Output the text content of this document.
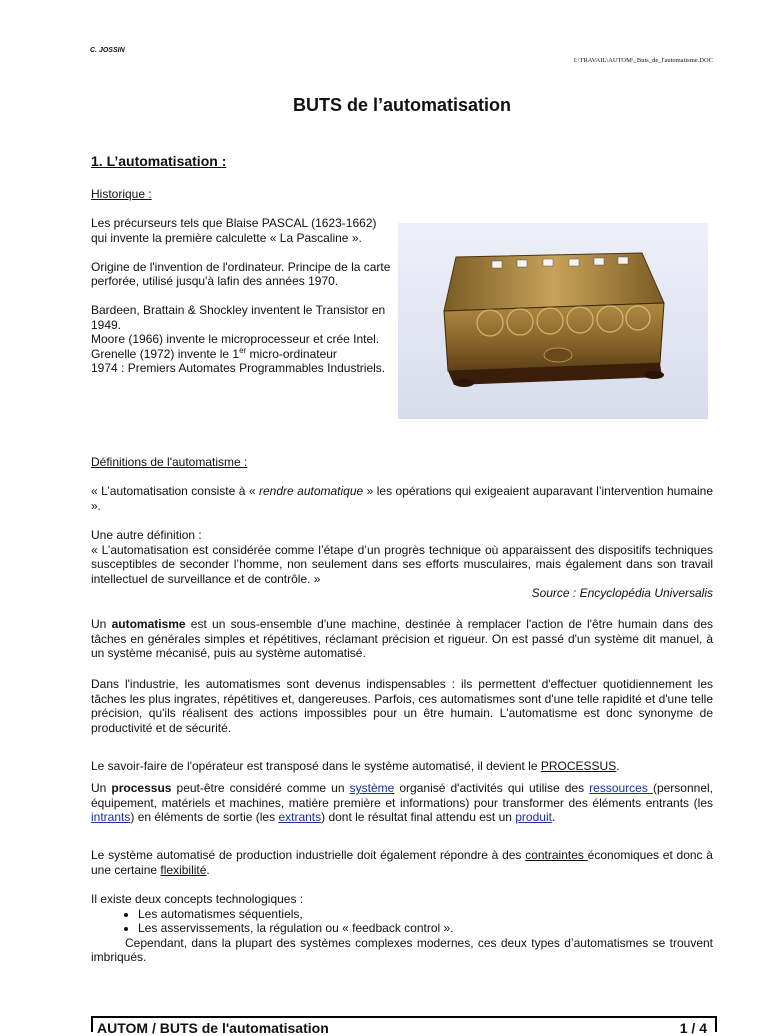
C. JOSSIN
I:\TRAVAIL\AUTOM\_Buts_de_l'automatisme.DOC
BUTS de l’automatisation
1. L’automatisation :
Historique :

Les précurseurs tels que Blaise PASCAL (1623-1662) qui invente la première calculette « La Pascaline ».

Origine de l'invention de l'ordinateur. Principe de la carte perforée, utilisé jusqu'à lafin des années 1970.

Bardeen, Brattain & Shockley inventent le Transistor en 1949.
Moore (1966) invente le microprocesseur et crée Intel.
Grenelle (1972) invente le 1er micro-ordinateur
1974 : Premiers Automates Programmables Industriels.
Définitions de l'automatisme :

« L’automatisation consiste à « rendre automatique » les opérations qui exigeaient auparavant l’intervention humaine ».

Une autre définition :

« L’automatisation est considérée comme l’étape d’un progrès technique où apparaissent des dispositifs techniques susceptibles de seconder l’homme, non seulement dans ses efforts musculaires, mais également dans son travail intellectuel de surveillance et de contrôle. »

Source : Encyclopédia Universalis

Un automatisme est un sous-ensemble d'une machine, destinée à remplacer l'action de l'être humain dans des tâches en générales simples et répétitives, réclamant précision et rigueur. On est passé d'un système dit manuel, à un système mécanisé, puis au système automatisé.

Dans l'industrie, les automatismes sont devenus indispensables : ils permettent d'effectuer quotidiennement les tâches les plus ingrates, répétitives et, dangereuses. Parfois, ces automatismes sont d'une telle rapidité et d'une telle précision, qu'ils réalisent des actions impossibles pour un être humain. L'automatisme est donc synonyme de productivité et de sécurité.

Le savoir-faire de l'opérateur est transposé dans le système automatisé, il devient le PROCESSUS.

Un processus peut-être considéré comme un système organisé d'activités qui utilise des ressources (personnel, équipement, matériels et machines, matière première et informations) pour transformer des éléments entrants (les intrants) en éléments de sortie (les extrants) dont le résultat final attendu est un produit.

Le système automatisé de production industrielle doit également répondre à des contraintes économiques et donc à une certaine flexibilité.

Il existe deux concepts technologiques :

• Les automatismes séquentiels,
• Les asservissements, la régulation ou « feedback control ».

Cependant, dans la plupart des systèmes complexes modernes, ces deux types d’automatismes se trouvent imbriqués.

AUTOM / BUTS de l'automatisation	1 / 4
